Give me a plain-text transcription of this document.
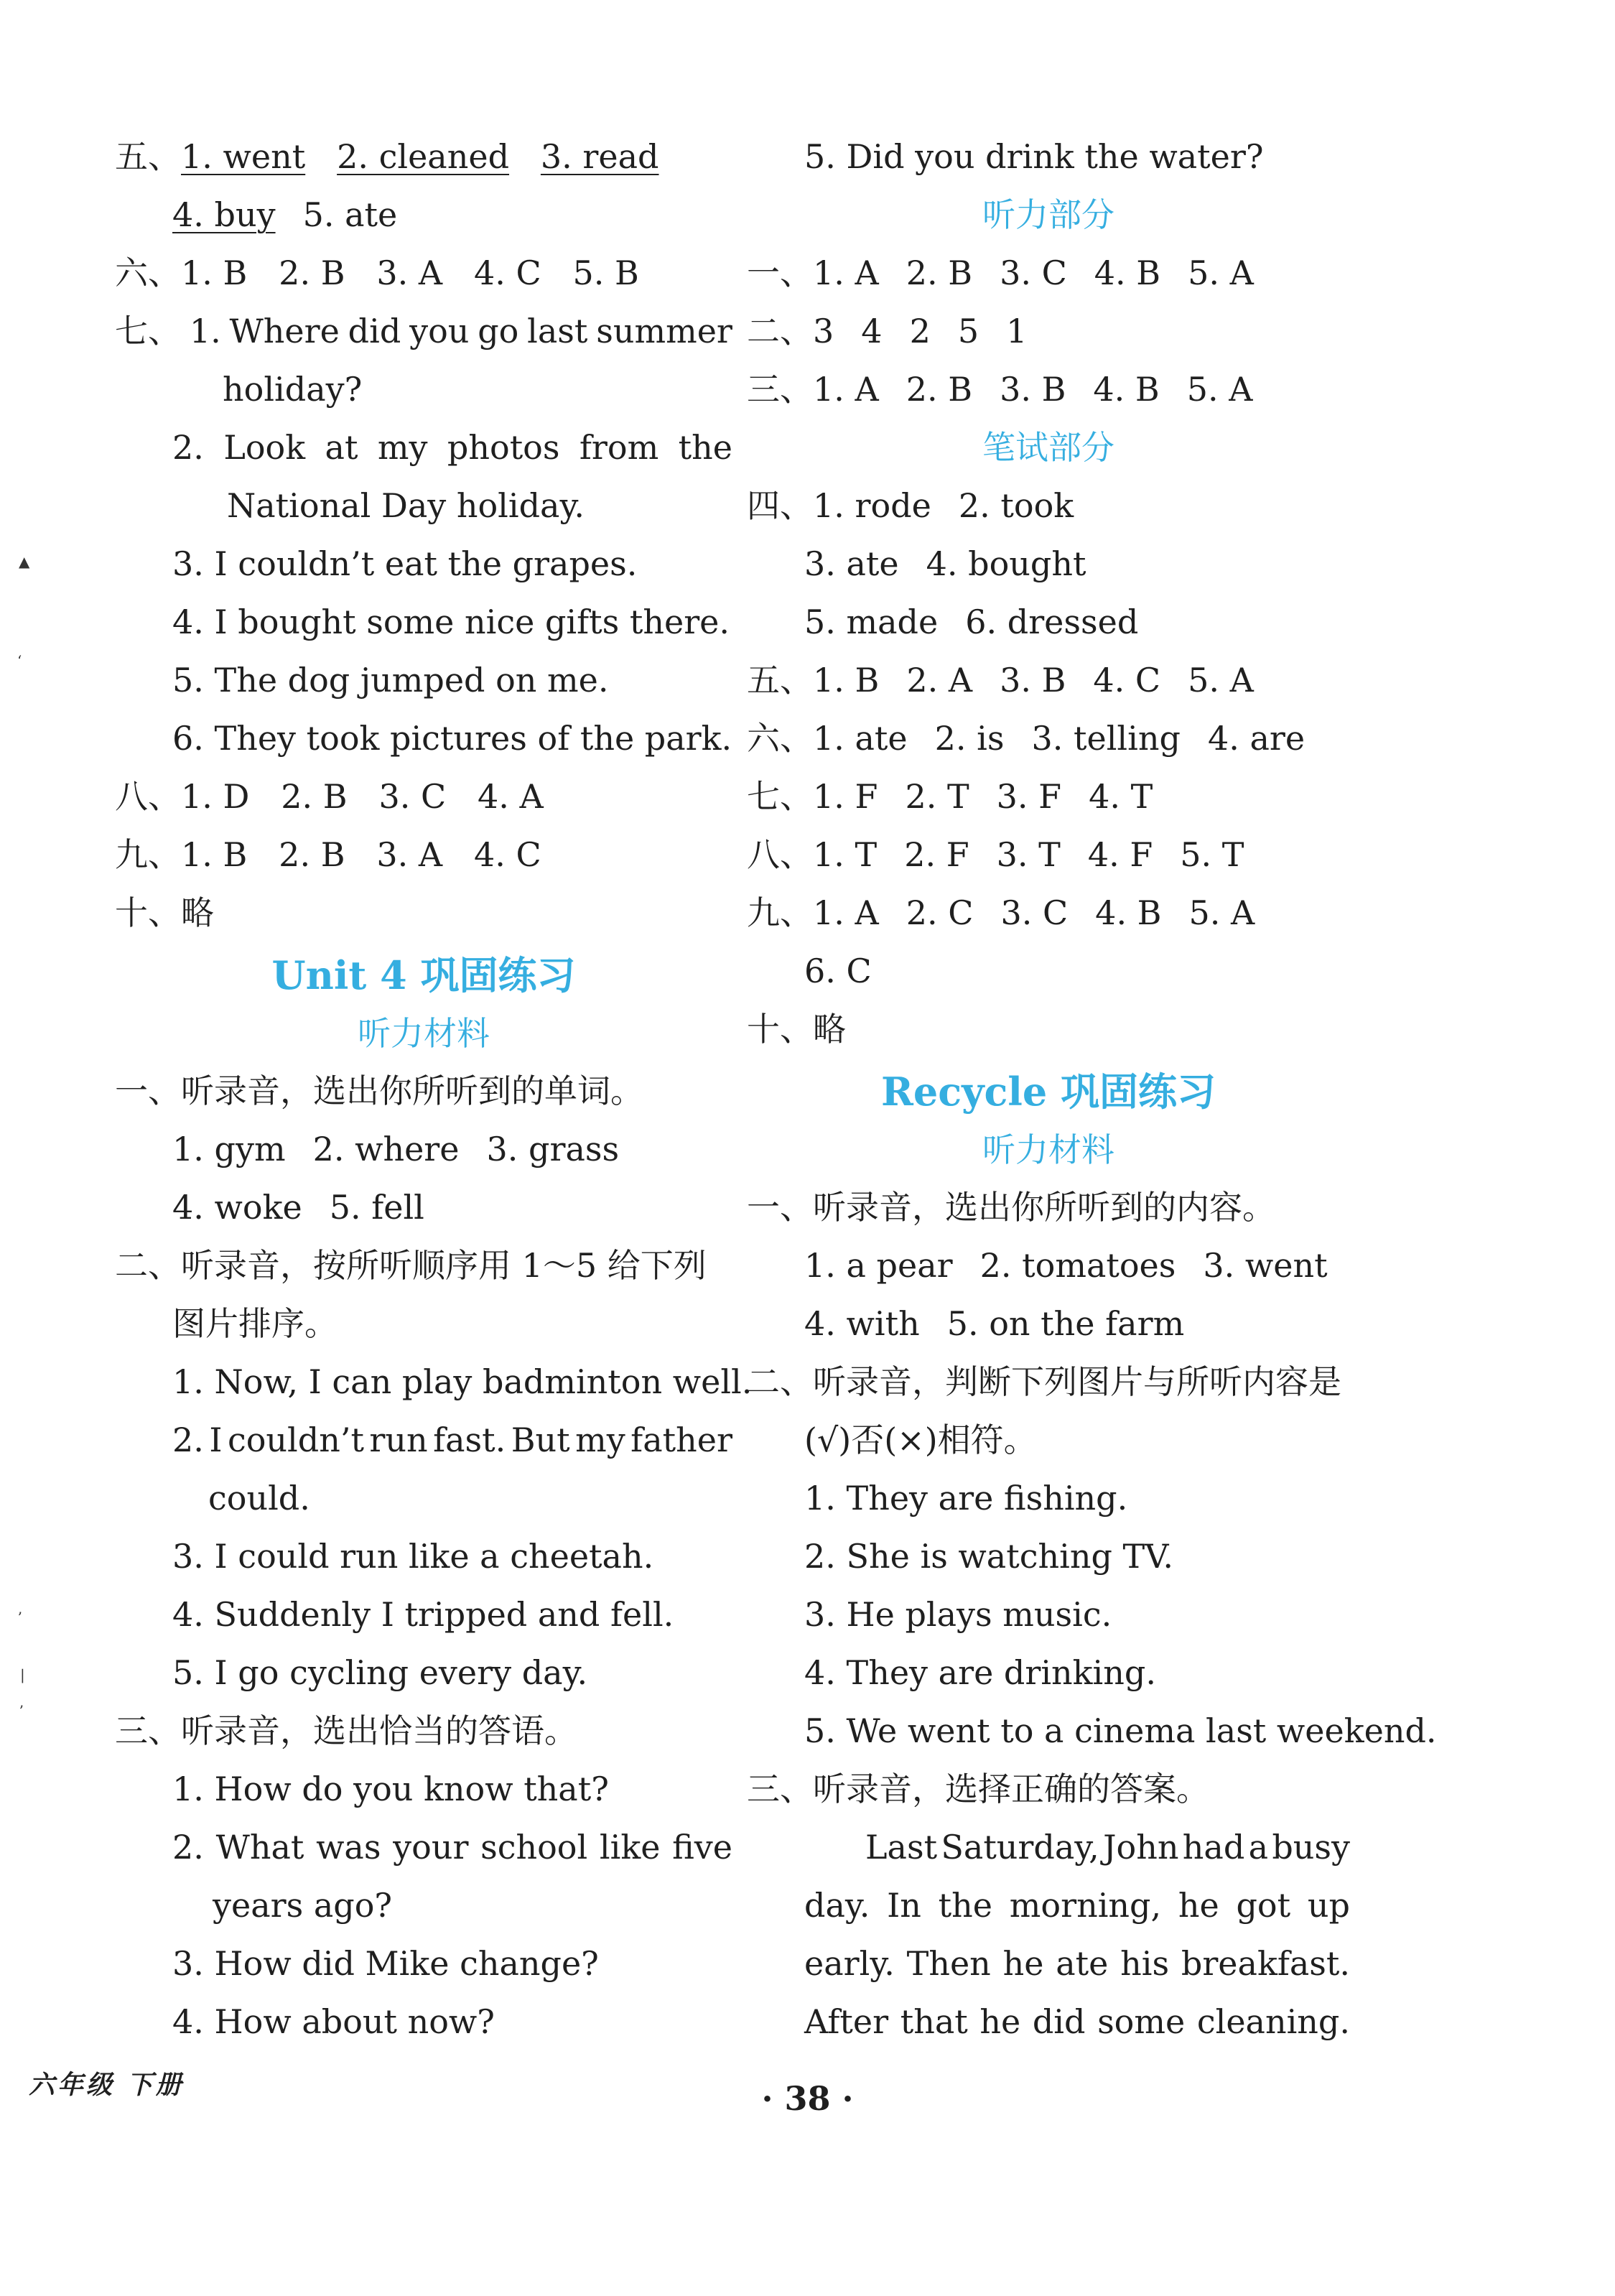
五、1. went 2. cleaned 3. read
4. buy 5. ate
六、1. B   2. B   3. A   4. C   5. B
七、 1. Where did you go last summer
holiday?
2. Look at my photos from the
National Day holiday.
3. I couldn’t eat the grapes.
4. I bought some nice gifts there.
5. The dog jumped on me.
6. They took pictures of the park.
八、1. D   2. B   3. C   4. A
九、1. B   2. B   3. A   4. C
十、略
Unit 4 巩固练习
听力材料
一、听录音，选出你所听到的单词。
1. gym 2. where 3. grass
4. woke 5. fell
二、听录音，按所听顺序用 1～5 给下列
图片排序。
1. Now, I can play badminton well.
2. I couldn’t run fast. But my father
could.
3. I could run like a cheetah.
4. Suddenly I tripped and fell.
5. I go cycling every day.
三、听录音，选出恰当的答语。
1. How do you know that?
2. What was your school like five
years ago?
3. How did Mike change?
4. How about now?
5. Did you drink the water?
听力部分
一、1. A 2. B 3. C 4. B 5. A
二、3 4 2 5 1
三、1. A 2. B 3. B 4. B 5. A
笔试部分
四、1. rode 2. took
3. ate 4. bought
5. made 6. dressed
五、1. B 2. A 3. B 4. C 5. A
六、1. ate 2. is 3. telling 4. are
七、1. F 2. T 3. F 4. T
八、1. T 2. F 3. T 4. F 5. T
九、1. A 2. C 3. C 4. B 5. A
6. C
十、略
Recycle 巩固练习
听力材料
一、听录音，选出你所听到的内容。
1. a pear 2. tomatoes 3. went
4. with 5. on the farm
二、听录音，判断下列图片与所听内容是
(√)否(×)相符。
1. They are fishing.
2. She is watching TV.
3. He plays music.
4. They are drinking.
5. We went to a cinema last weekend.
三、听录音，选择正确的答案。
Last Saturday, John had a busy
day. In the morning, he got up
early. Then he ate his breakfast.
After that he did some cleaning.
▲
ʻ
ʼ
|
ʼ
六年级 下册	· 38 ·
